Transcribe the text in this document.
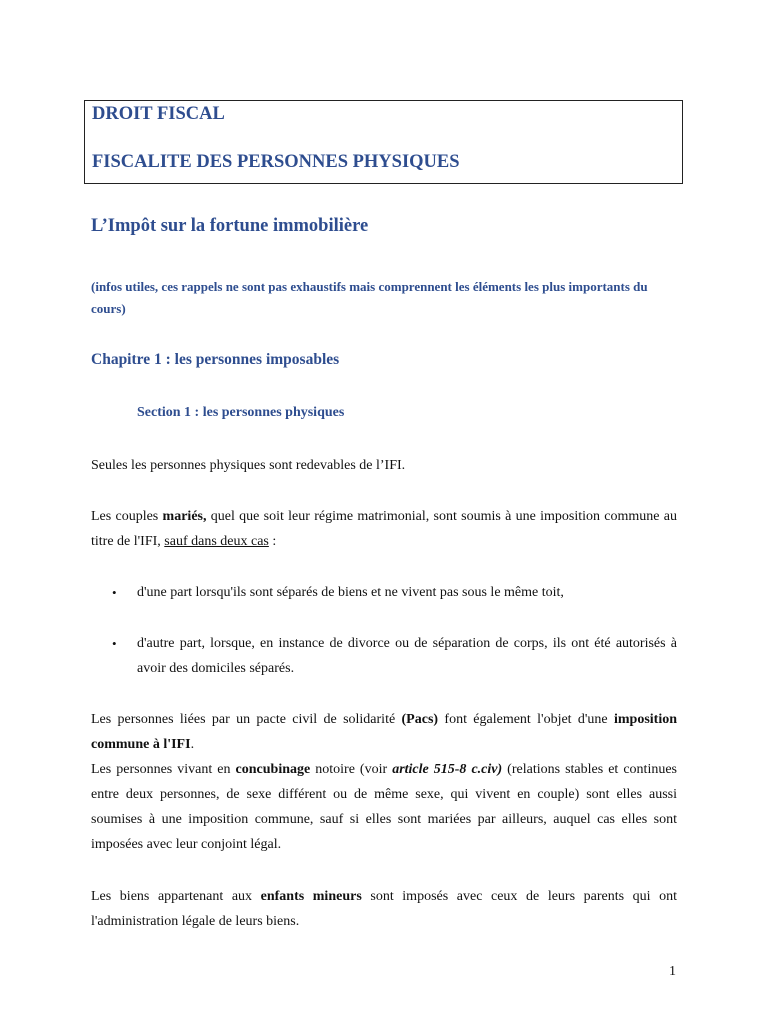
DROIT FISCAL

FISCALITE DES PERSONNES PHYSIQUES

L’Impôt sur la fortune immobilière

(infos utiles, ces rappels ne sont pas exhaustifs mais comprennent les éléments les plus importants du cours)

Chapitre 1 : les personnes imposables
Section 1 : les personnes physiques

Seules les personnes physiques sont redevables de l’IFI.

Les couples mariés, quel que soit leur régime matrimonial, sont soumis à une imposition commune au titre de l'IFI, sauf dans deux cas :

• d'une part lorsqu'ils sont séparés de biens et ne vivent pas sous le même toit,
• d'autre part, lorsque, en instance de divorce ou de séparation de corps, ils ont été autorisés à avoir des domiciles séparés.

Les personnes liées par un pacte civil de solidarité (Pacs) font également l'objet d'une imposition commune à l'IFI.

Les personnes vivant en concubinage notoire (voir article 515-8 c.civ) (relations stables et continues entre deux personnes, de sexe différent ou de même sexe, qui vivent en couple) sont elles aussi soumises à une imposition commune, sauf si elles sont mariées par ailleurs, auquel cas elles sont imposées avec leur conjoint légal.

Les biens appartenant aux enfants mineurs sont imposés avec ceux de leurs parents qui ont l'administration légale de leurs biens.

1
